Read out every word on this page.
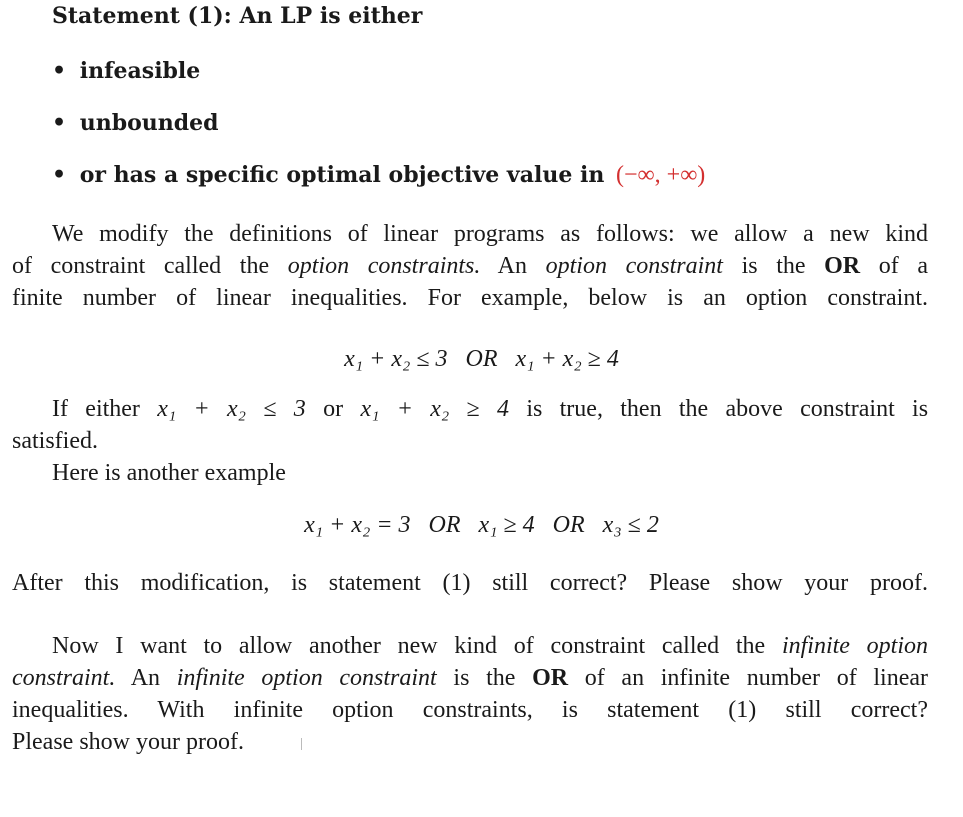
Statement (1): An LP is either
• infeasible
• unbounded
• or has a specific optimal objective value in (−∞, +∞)
We modify the definitions of linear programs as follows: we allow a new kind
of constraint called the option constraints. An option constraint is the OR of a
finite number of linear inequalities. For example, below is an option constraint.
x₁ + x₂ ≤ 3   OR   x₁ + x₂ ≥ 4
If either x₁ + x₂ ≤ 3 or x₁ + x₂ ≥ 4 is true, then the above constraint is
satisfied.
Here is another example
x₁ + x₂ = 3   OR   x₁ ≥ 4   OR   x₃ ≤ 2
After this modification, is statement (1) still correct? Please show your proof.
Now I want to allow another new kind of constraint called the infinite option
constraint. An infinite option constraint is the OR of an infinite number of linear
inequalities. With infinite option constraints, is statement (1) still correct?
Please show your proof.
